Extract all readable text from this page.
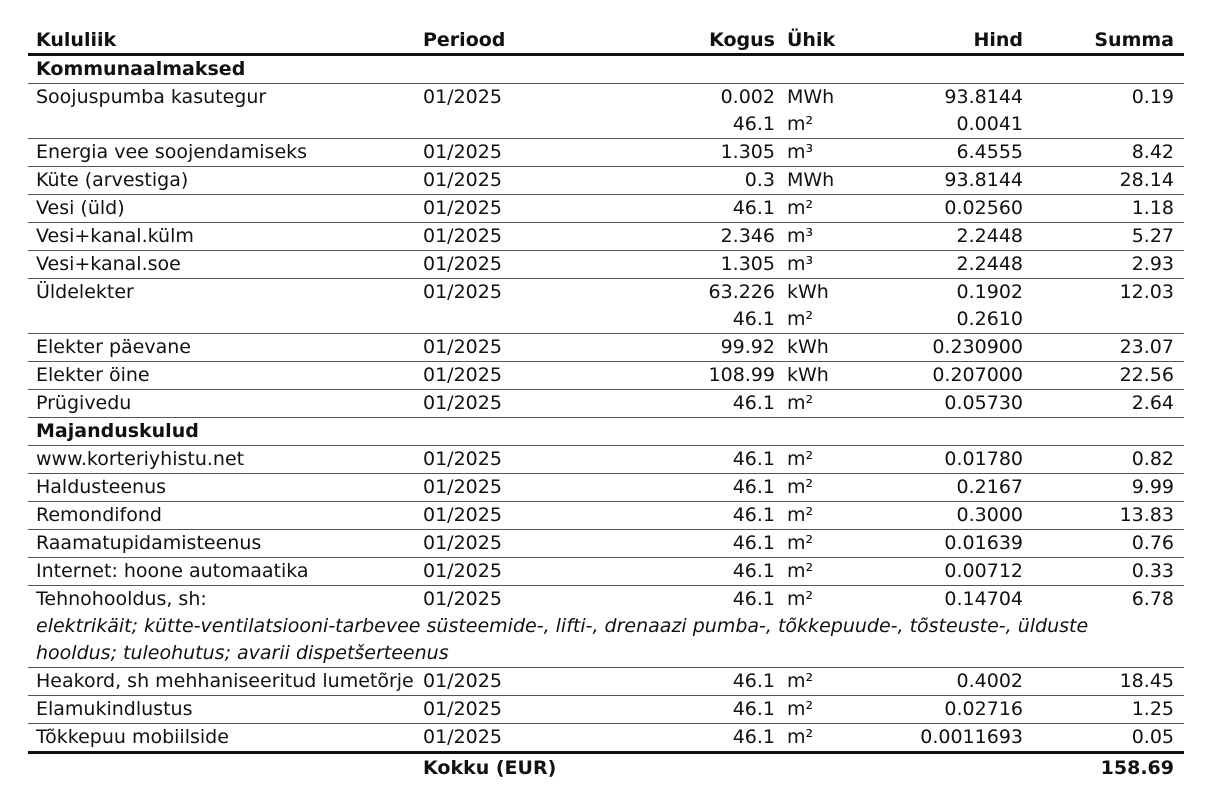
Kululiik	Periood	Kogus	Ühik	Hind	Summa
Kommunaalmaksed					
Soojuspumba kasutegur	01/2025	0.002	MWh	93.8144	0.19
		46.1	m²	0.0041	
Energia vee soojendamiseks	01/2025	1.305	m³	6.4555	8.42
Küte (arvestiga)	01/2025	0.3	MWh	93.8144	28.14
Vesi (üld)	01/2025	46.1	m²	0.02560	1.18
Vesi+kanal.külm	01/2025	2.346	m³	2.2448	5.27
Vesi+kanal.soe	01/2025	1.305	m³	2.2448	2.93
Üldelekter	01/2025	63.226	kWh	0.1902	12.03
		46.1	m²	0.2610	
Elekter päevane	01/2025	99.92	kWh	0.230900	23.07
Elekter öine	01/2025	108.99	kWh	0.207000	22.56
Prügivedu	01/2025	46.1	m²	0.05730	2.64
Majanduskulud					
www.korteriyhistu.net	01/2025	46.1	m²	0.01780	0.82
Haldusteenus	01/2025	46.1	m²	0.2167	9.99
Remondifond	01/2025	46.1	m²	0.3000	13.83
Raamatupidamisteenus	01/2025	46.1	m²	0.01639	0.76
Internet: hoone automaatika	01/2025	46.1	m²	0.00712	0.33
Tehnohooldus, sh:	01/2025	46.1	m²	0.14704	6.78
elektrikäit; kütte-ventilatsiooni-tarbevee süsteemide-, lifti-, drenaazi pumba-, tõkkepuude-, tõsteuste-, ülduste hooldus; tuleohutus; avarii dispetšerteenus					
Heakord, sh mehhaniseeritud lumetõrje	01/2025	46.1	m²	0.4002	18.45
Elamukindlustus	01/2025	46.1	m²	0.02716	1.25
Tõkkepuu mobiilside	01/2025	46.1	m²	0.0011693	0.05
	Kokku (EUR)				158.69
